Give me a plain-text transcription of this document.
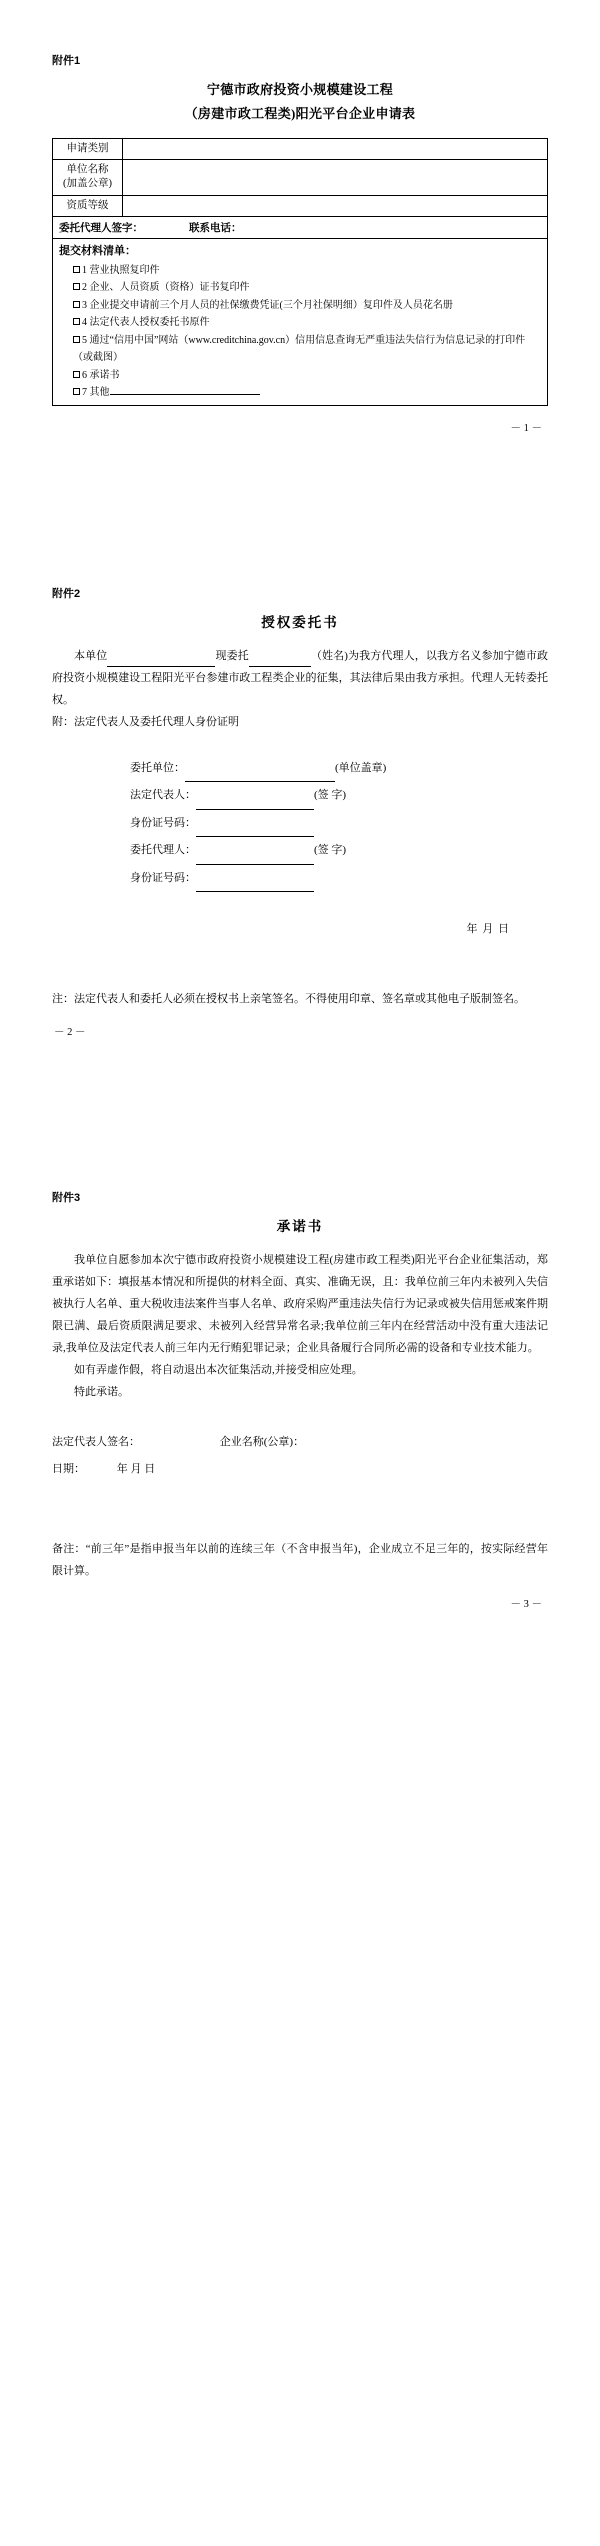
附件1
宁德市政府投资小规模建设工程
（房建市政工程类)阳光平台企业申请表
申请类别	

单位名称
(加盖公章)	

资质等级	

委托代理人签字： 联系电话：	

提交材料清单：
1 营业执照复印件
2 企业、人员资质（资格）证书复印件
3 企业提交申请前三个月人员的社保缴费凭证(三个月社保明细）复印件及人员花名册
4 法定代表人授权委托书原件
5 通过“信用中国”网站（www.creditchina.gov.cn）信用信息查询无严重违法失信行为信息记录的打印件（或截图）
6 承诺书
7 其他
－ 1 －
附件2
授权委托书
本单位	现委托	（姓名)为我方代理人，以我方名义参加宁德市政府投资小规模建设工程阳光平台参建市政工程类企业的征集，其法律后果由我方承担。代理人无转委托权。
附：法定代表人及委托代理人身份证明
委托单位：	(单位盖章)
法定代表人：	(签 字)
身份证号码：
委托代理人：	(签 字)
身份证号码：
年 月 日
注：法定代表人和委托人必须在授权书上亲笔签名。不得使用印章、签名章或其他电子版制签名。
－ 2 －
附件3
承诺书
我单位自愿参加本次宁德市政府投资小规模建设工程(房建市政工程类)阳光平台企业征集活动，郑重承诺如下：填报基本情况和所提供的材料全面、真实、准确无误，且：我单位前三年内未被列入失信被执行人名单、重大税收违法案件当事人名单、政府采购严重违法失信行为记录或被失信用惩戒案件期限已满、最后资质限满足要求、未被列入经营异常名录;我单位前三年内在经营活动中没有重大违法记录,我单位及法定代表人前三年内无行贿犯罪记录；企业具备履行合同所必需的设备和专业技术能力。
如有弄虚作假，将自动退出本次征集活动,并接受相应处理。
特此承诺。
法定代表人签名：	企业名称(公章)：
日期：	年 月 日
备注：“前三年”是指申报当年以前的连续三年（不含申报当年)，企业成立不足三年的，按实际经营年限计算。
－ 3 －
